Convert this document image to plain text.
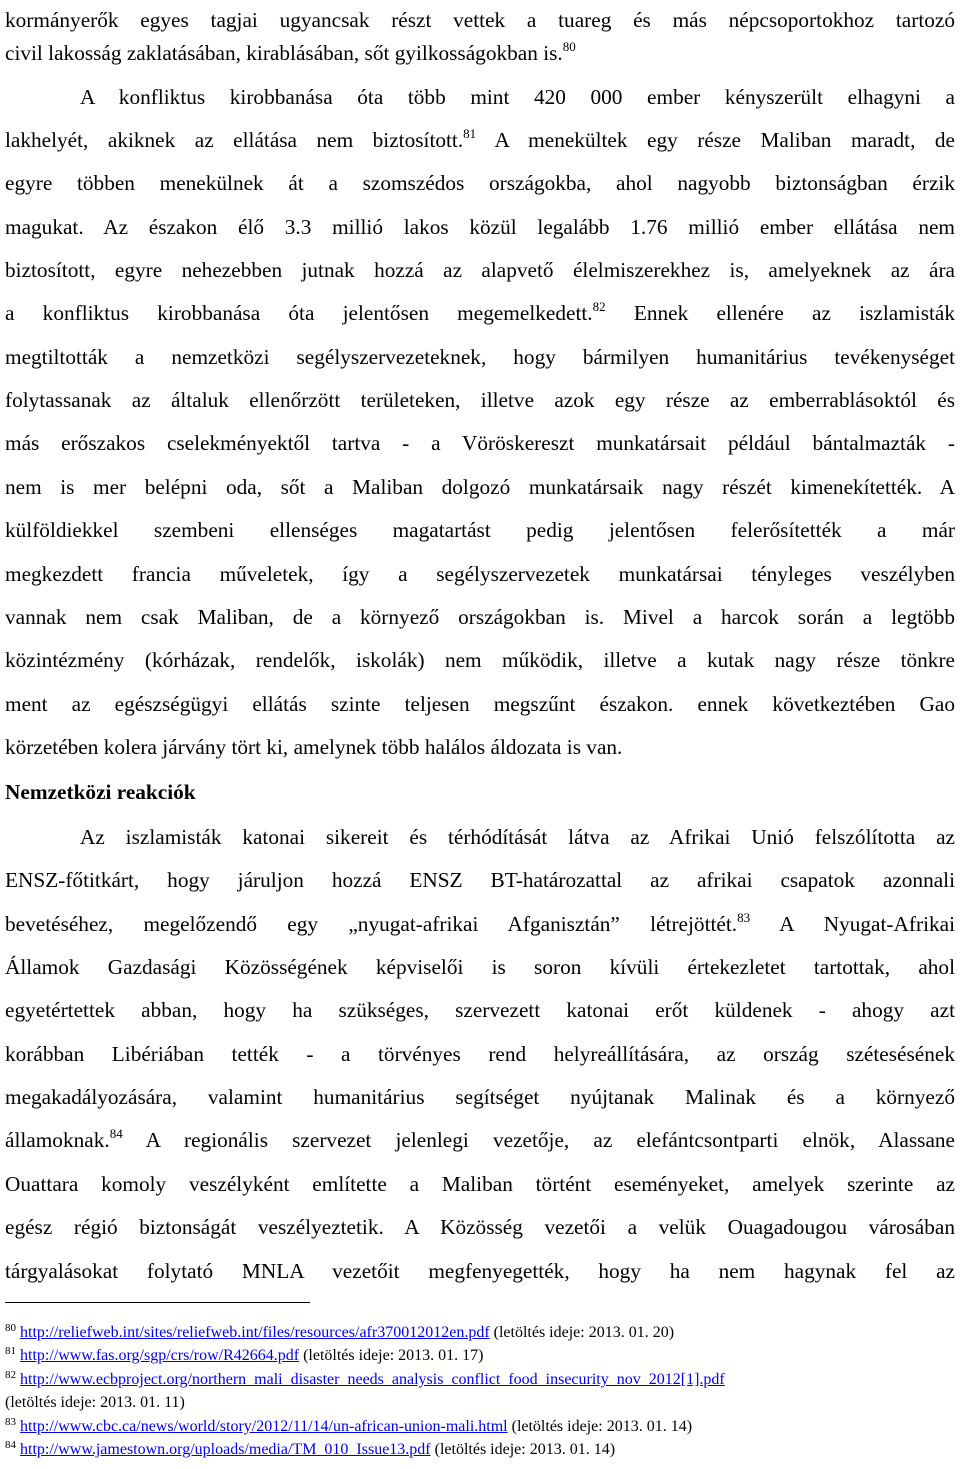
kormányerők egyes tagjai ugyancsak részt vettek a tuareg és más népcsoportokhoz tartozó
civil lakosság zaklatásában, kirablásában, sőt gyilkosságokban is.$^{80}$
A konfliktus kirobbanása óta több mint 420 000 ember kényszerült elhagyni a
lakhelyét, akiknek az ellátása nem biztosított.$^{81}$ A menekültek egy része Maliban maradt, de
egyre többen menekülnek át a szomszédos országokba, ahol nagyobb biztonságban érzik
magukat. Az északon élő 3.3 millió lakos közül legalább 1.76 millió ember ellátása nem
biztosított, egyre nehezebben jutnak hozzá az alapvető élelmiszerekhez is, amelyeknek az ára
a konfliktus kirobbanása óta jelentősen megemelkedett.$^{82}$ Ennek ellenére az iszlamisták
megtiltották a nemzetközi segélyszervezeteknek, hogy bármilyen humanitárius tevékenységet
folytassanak az általuk ellenőrzött területeken, illetve azok egy része az emberrablásoktól és
más erőszakos cselekményektől tartva - a Vöröskereszt munkatársait például bántalmazták -
nem is mer belépni oda, sőt a Maliban dolgozó munkatársaik nagy részét kimenekítették. A
külföldiekkel szembeni ellenséges magatartást pedig jelentősen felerősítették a már
megkezdett francia műveletek, így a segélyszervezetek munkatársai tényleges veszélyben
vannak nem csak Maliban, de a környező országokban is. Mivel a harcok során a legtöbb
közintézmény (kórházak, rendelők, iskolák) nem működik, illetve a kutak nagy része tönkre
ment az egészségügyi ellátás szinte teljesen megszűnt északon. ennek következtében Gao
körzetében kolera járvány tört ki, amelynek több halálos áldozata is van.
Nemzetközi reakciók
Az iszlamisták katonai sikereit és térhódítását látva az Afrikai Unió felszólította az
ENSZ-főtitkárt, hogy járuljon hozzá ENSZ BT-határozattal az afrikai csapatok azonnali
bevetéséhez, megelőzendő egy „nyugat-afrikai Afganisztán” létrejöttét.$^{83}$ A Nyugat-Afrikai
Államok Gazdasági Közösségének képviselői is soron kívüli értekezletet tartottak, ahol
egyetértettek abban, hogy ha szükséges, szervezett katonai erőt küldenek - ahogy azt
korábban Libériában tették - a törvényes rend helyreállítására, az ország szétesésének
megakadályozására, valamint humanitárius segítséget nyújtanak Malinak és a környező
államoknak.$^{84}$ A regionális szervezet jelenlegi vezetője, az elefántcsontparti elnök, Alassane
Ouattara komoly veszélyként említette a Maliban történt eseményeket, amelyek szerinte az
egész régió biztonságát veszélyeztetik. A Közösség vezetői a velük Ouagadougou városában
tárgyalásokat folytató MNLA vezetőit megfenyegették, hogy ha nem hagynak fel az
$^{80}$ http://reliefweb.int/sites/reliefweb.int/files/resources/afr370012012en.pdf (letöltés ideje: 2013. 01. 20)
$^{81}$ http://www.fas.org/sgp/crs/row/R42664.pdf (letöltés ideje: 2013. 01. 17)
$^{82}$ http://www.ecbproject.org/northern_mali_disaster_needs_analysis_conflict_food_insecurity_nov_2012[1].pdf
(letöltés ideje: 2013. 01. 11)
$^{83}$ http://www.cbc.ca/news/world/story/2012/11/14/un-african-union-mali.html (letöltés ideje: 2013. 01. 14)
$^{84}$ http://www.jamestown.org/uploads/media/TM_010_Issue13.pdf (letöltés ideje: 2013. 01. 14)
